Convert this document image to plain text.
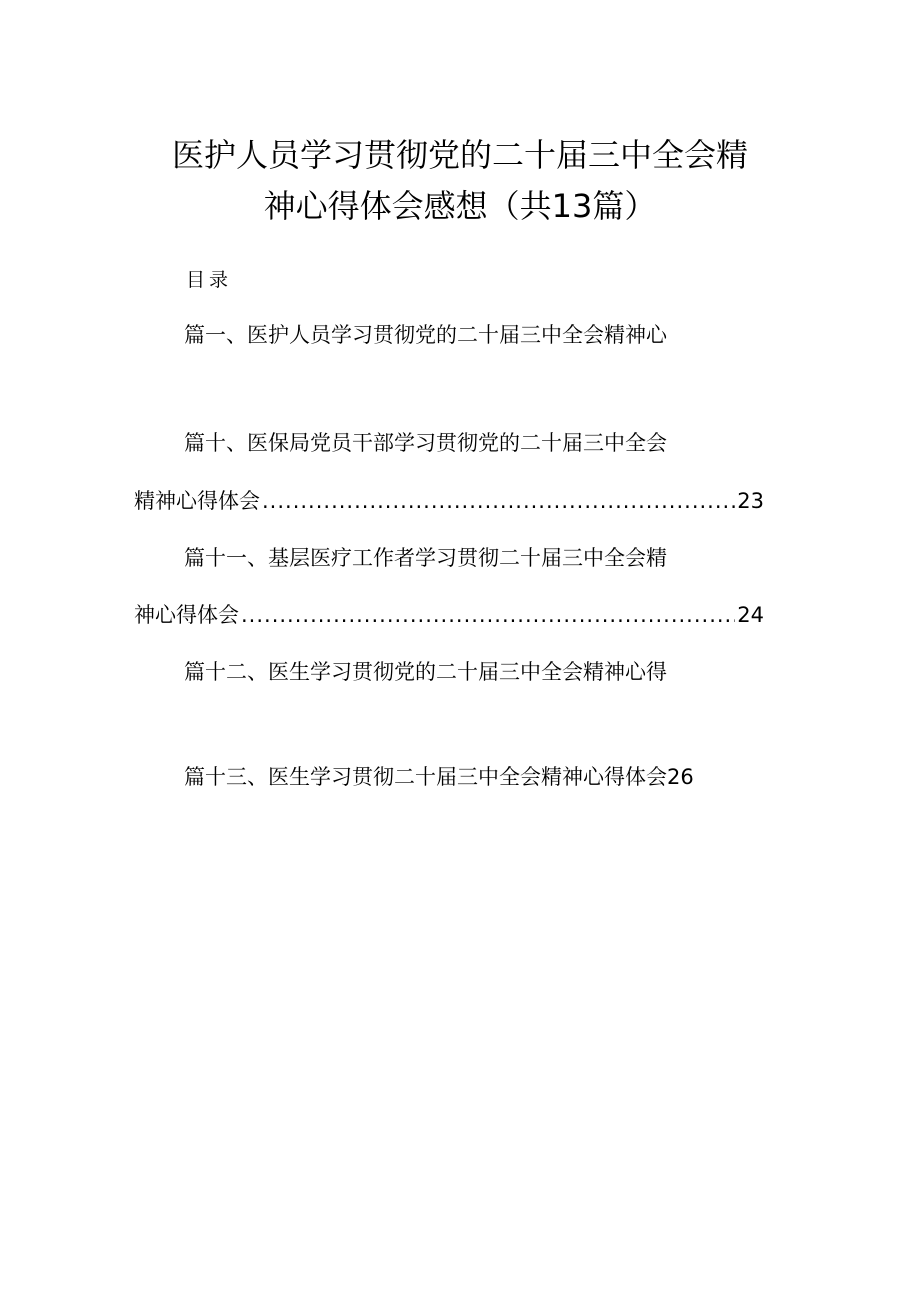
医护人员学习贯彻党的二十届三中全会精
神心得体会感想（共13篇）
目录
篇一、医护人员学习贯彻党的二十届三中全会精神心
篇十、医保局党员干部学习贯彻党的二十届三中全会
精神心得体会 .....	23
篇十一、基层医疗工作者学习贯彻二十届三中全会精
神心得体会 .....	24
篇十二、医生学习贯彻党的二十届三中全会精神心得
篇十三、医生学习贯彻二十届三中全会精神心得体会26
